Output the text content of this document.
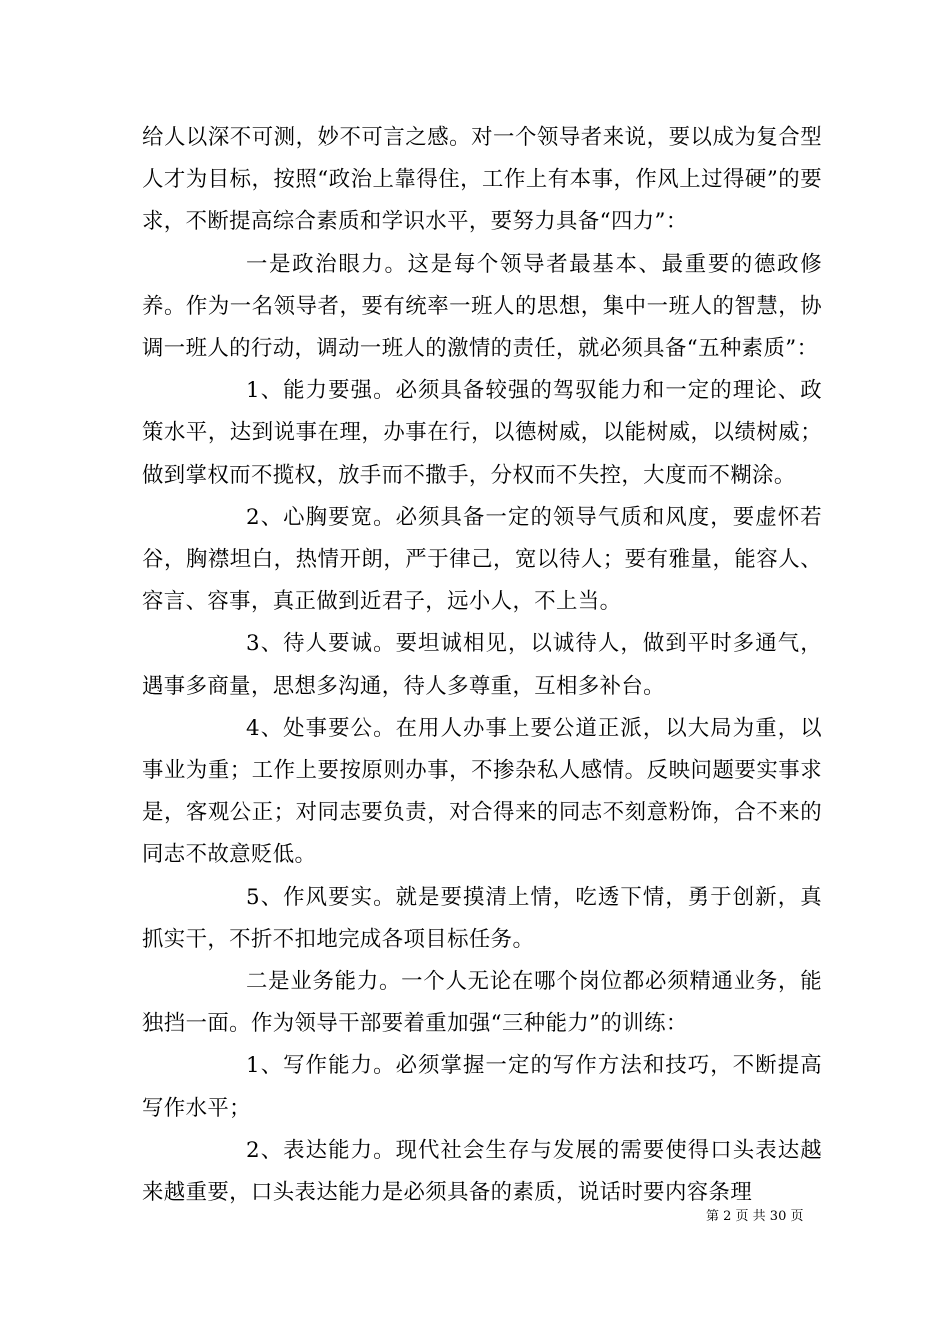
给人以深不可测，妙不可言之感。对一个领导者来说，要以成为复合型人才为目标，按照“政治上靠得住，工作上有本事，作风上过得硬”的要求，不断提高综合素质和学识水平，要努力具备“四力”：

一是政治眼力。这是每个领导者最基本、最重要的德政修养。作为一名领导者，要有统率一班人的思想，集中一班人的智慧，协调一班人的行动，调动一班人的激情的责任，就必须具备“五种素质”：

1、能力要强。必须具备较强的驾驭能力和一定的理论、政策水平，达到说事在理，办事在行，以德树威，以能树威，以绩树威；做到掌权而不揽权，放手而不撒手，分权而不失控，大度而不糊涂。

2、心胸要宽。必须具备一定的领导气质和风度，要虚怀若谷，胸襟坦白，热情开朗，严于律己，宽以待人；要有雅量，能容人、容言、容事，真正做到近君子，远小人，不上当。

3、待人要诚。要坦诚相见，以诚待人，做到平时多通气，遇事多商量，思想多沟通，待人多尊重，互相多补台。

4、处事要公。在用人办事上要公道正派，以大局为重，以事业为重；工作上要按原则办事，不掺杂私人感情。反映问题要实事求是，客观公正；对同志要负责，对合得来的同志不刻意粉饰，合不来的同志不故意贬低。

5、作风要实。就是要摸清上情，吃透下情，勇于创新，真抓实干，不折不扣地完成各项目标任务。

二是业务能力。一个人无论在哪个岗位都必须精通业务，能独挡一面。作为领导干部要着重加强“三种能力”的训练：

1、写作能力。必须掌握一定的写作方法和技巧，不断提高写作水平；

2、表达能力。现代社会生存与发展的需要使得口头表达越来越重要，口头表达能力是必须具备的素质，说话时要内容条理

第 2 页 共 30 页
